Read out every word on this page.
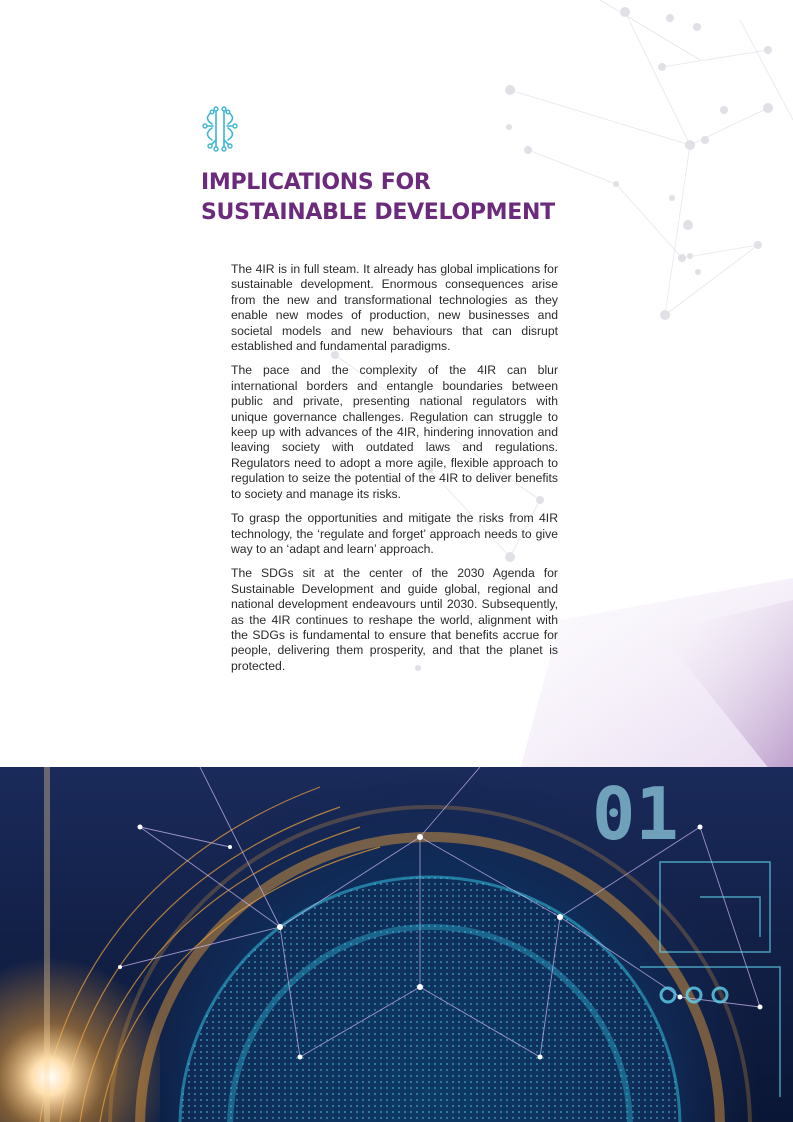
IMPLICATIONS FOR SUSTAINABLE DEVELOPMENT

The 4IR is in full steam. It already has global implications for sustainable development. Enormous consequences arise from the new and transformational technologies as they enable new modes of production, new businesses and societal models and new behaviours that can disrupt established and fundamental paradigms.

The pace and the complexity of the 4IR can blur international borders and entangle boundaries between public and private, presenting national regulators with unique governance challenges. Regulation can struggle to keep up with advances of the 4IR, hindering innovation and leaving society with outdated laws and regulations. Regulators need to adopt a more agile, flexible approach to regulation to seize the potential of the 4IR to deliver benefits to society and manage its risks.

To grasp the opportunities and mitigate the risks from 4IR technology, the ‘regulate and forget’ approach needs to give way to an ‘adapt and learn’ approach.

The SDGs sit at the center of the 2030 Agenda for Sustainable Development and guide global, regional and national development endeavours until 2030. Subsequently, as the 4IR continues to reshape the world, alignment with the SDGs is fundamental to ensure that benefits accrue for people, delivering them prosperity, and that the planet is protected.

01
